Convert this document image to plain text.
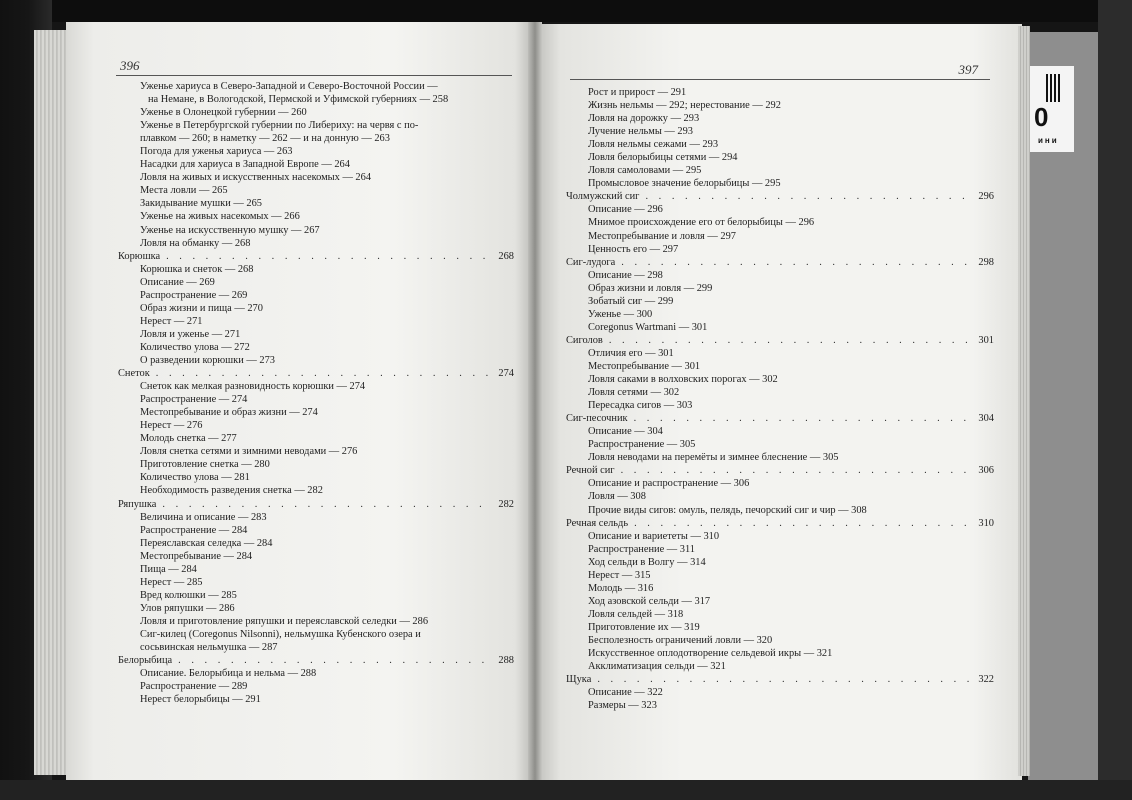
0
ини
396
Уженье хариуса в Северо-Западной и Северо-Восточной России —
на Немане, в Вологодской, Пермской и Уфимской губерниях — 258
Уженье в Олонецкой губернии — 260
Уженье в Петербургской губернии по Либериху: на червя с по-
плавком — 260; в наметку — 262 — и на донную — 263
Погода для уженья хариуса — 263
Насадки для хариуса в Западной Европе — 264
Ловля на живых и искусственных насекомых — 264
Места ловли — 265
Закидывание мушки — 265
Уженье на живых насекомых — 266
Уженье на искусственную мушку — 267
Ловля на обманку — 268
Корюшка . . .	268
Корюшка и снеток — 268
Описание — 269
Распространение — 269
Образ жизни и пища — 270
Нерест — 271
Ловля и уженье — 271
Количество улова — 272
О разведении корюшки — 273
Снеток . . .	274
Снеток как мелкая разновидность корюшки — 274
Распространение — 274
Местопребывание и образ жизни — 274
Нерест — 276
Молодь снетка — 277
Ловля снетка сетями и зимними неводами — 276
Приготовление снетка — 280
Количество улова — 281
Необходимость разведения снетка — 282
Ряпушка . . .	282
Величина и описание — 283
Распространение — 284
Переяславская селедка — 284
Местопребывание — 284
Пища — 284
Нерест — 285
Вред колюшки — 285
Улов ряпушки — 286
Ловля и приготовление ряпушки и переяславской селедки — 286
Сиг-килец (Coregonus Nilsonni), нельмушка Кубенского озера и
сосьвинская нельмушка — 287
Белорыбица . . .	288
Описание. Белорыбица и нельма — 288
Распространение — 289
Нерест белорыбицы — 291
397
Рост и прирост — 291
Жизнь нельмы — 292; нерестование — 292
Ловля на дорожку — 293
Лучение нельмы — 293
Ловля нельмы сежами — 293
Ловля белорыбицы сетями — 294
Ловля самоловами — 295
Промысловое значение белорыбицы — 295
Чолмужский сиг . . .	296
Описание — 296
Мнимое происхождение его от белорыбицы — 296
Местопребывание и ловля — 297
Ценность его — 297
Сиг-лудога . . .	298
Описание — 298
Образ жизни и ловля — 299
Зобатый сиг — 299
Уженье — 300
Coregonus Wartmani — 301
Сиголов . . .	301
Отличия его — 301
Местопребывание — 301
Ловля саками в волховских порогах — 302
Ловля сетями — 302
Пересадка сигов — 303
Сиг-песочник . . .	304
Описание — 304
Распространение — 305
Ловля неводами на перемёты и зимнее блеснение — 305
Речной сиг . . .	306
Описание и распространение — 306
Ловля — 308
Прочие виды сигов: омуль, пелядь, печорский сиг и чир — 308
Речная сельдь . . .	310
Описание и вариететы — 310
Распространение — 311
Ход сельди в Волгу — 314
Нерест — 315
Молодь — 316
Ход азовской сельди — 317
Ловля сельдей — 318
Приготовление их — 319
Бесполезность ограничений ловли — 320
Искусственное оплодотворение сельдевой икры — 321
Акклиматизация сельди — 321
Щука . . .	322
Описание — 322
Размеры — 323
